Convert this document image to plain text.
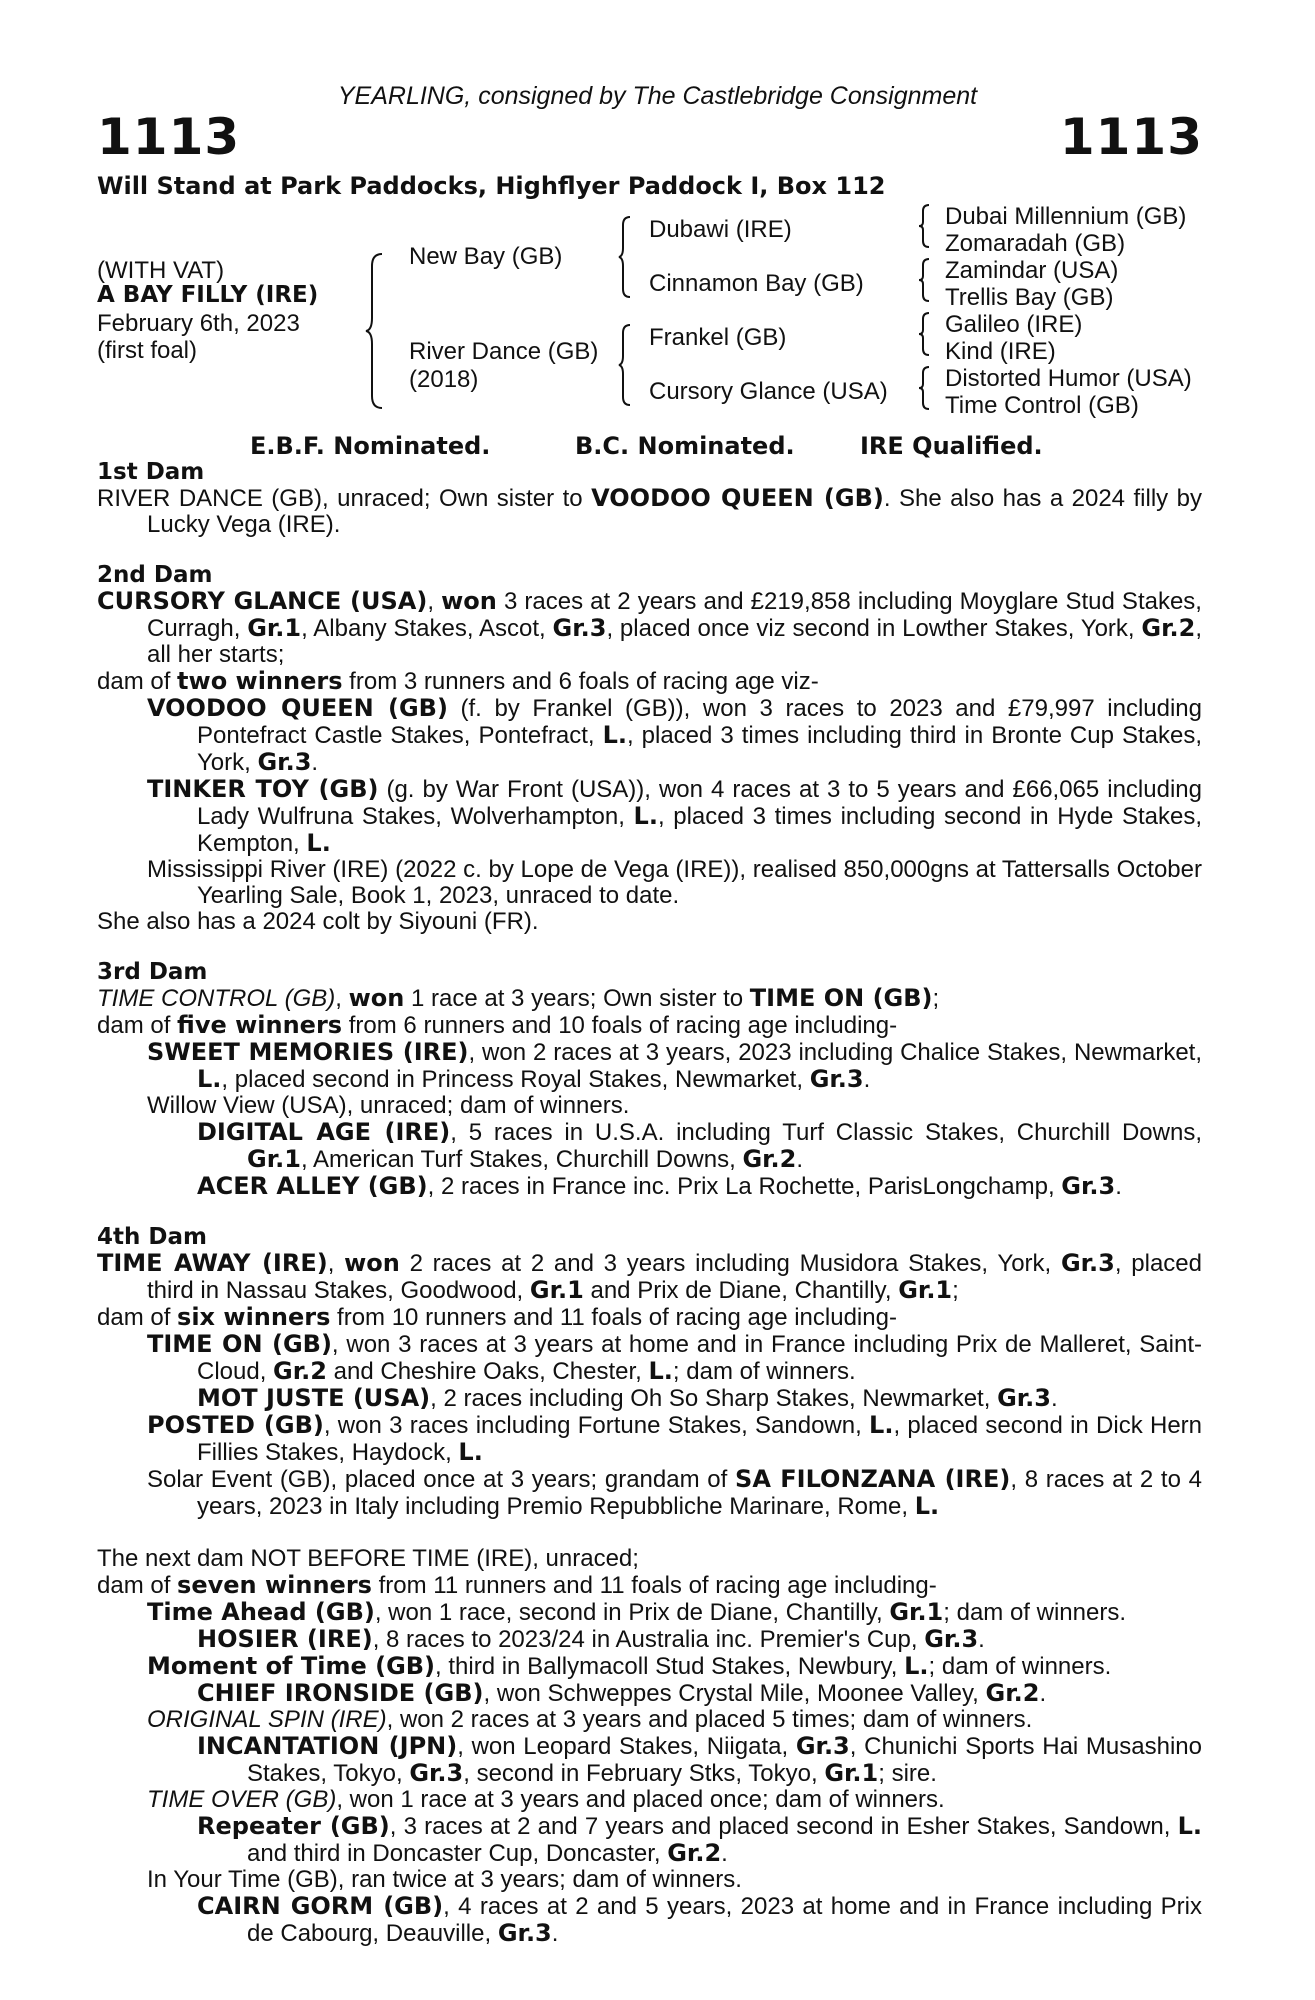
YEARLING, consigned by The Castlebridge Consignment
1113	1113
Will Stand at Park Paddocks, Highflyer Paddock I, Box 112
(WITH VAT)
A BAY FILLY (IRE)
February 6th, 2023
(first foal)
New Bay (GB)
River Dance (GB)
(2018)
Dubawi (IRE)
Cinnamon Bay (GB)
Frankel (GB)
Cursory Glance (USA)
Dubai Millennium (GB)
Zomaradah (GB)
Zamindar (USA)
Trellis Bay (GB)
Galileo (IRE)
Kind (IRE)
Distorted Humor (USA)
Time Control (GB)
E.B.F. Nominated.	B.C. Nominated.	IRE Qualified.

1st Dam

RIVER DANCE (GB), unraced; Own sister to VOODOO QUEEN (GB). She also has a 2024 filly by Lucky Vega (IRE).

2nd Dam

CURSORY GLANCE (USA), won 3 races at 2 years and £219,858 including Moyglare Stud Stakes, Curragh, Gr.1, Albany Stakes, Ascot, Gr.3, placed once viz second in Lowther Stakes, York, Gr.2, all her starts;

dam of two winners from 3 runners and 6 foals of racing age viz-

VOODOO QUEEN (GB) (f. by Frankel (GB)), won 3 races to 2023 and £79,997 including Pontefract Castle Stakes, Pontefract, L., placed 3 times including third in Bronte Cup Stakes, York, Gr.3.

TINKER TOY (GB) (g. by War Front (USA)), won 4 races at 3 to 5 years and £66,065 including Lady Wulfruna Stakes, Wolverhampton, L., placed 3 times including second in Hyde Stakes, Kempton, L.

Mississippi River (IRE) (2022 c. by Lope de Vega (IRE)), realised 850,000gns at Tattersalls October Yearling Sale, Book 1, 2023, unraced to date.

She also has a 2024 colt by Siyouni (FR).

3rd Dam

TIME CONTROL (GB), won 1 race at 3 years; Own sister to TIME ON (GB);

dam of five winners from 6 runners and 10 foals of racing age including-

SWEET MEMORIES (IRE), won 2 races at 3 years, 2023 including Chalice Stakes, Newmarket, L., placed second in Princess Royal Stakes, Newmarket, Gr.3.

Willow View (USA), unraced; dam of winners.

DIGITAL AGE (IRE), 5 races in U.S.A. including Turf Classic Stakes, Churchill Downs, Gr.1, American Turf Stakes, Churchill Downs, Gr.2.

ACER ALLEY (GB), 2 races in France inc. Prix La Rochette, ParisLongchamp, Gr.3.

4th Dam

TIME AWAY (IRE), won 2 races at 2 and 3 years including Musidora Stakes, York, Gr.3, placed third in Nassau Stakes, Goodwood, Gr.1 and Prix de Diane, Chantilly, Gr.1;

dam of six winners from 10 runners and 11 foals of racing age including-

TIME ON (GB), won 3 races at 3 years at home and in France including Prix de Malleret, Saint-Cloud, Gr.2 and Cheshire Oaks, Chester, L.; dam of winners.

MOT JUSTE (USA), 2 races including Oh So Sharp Stakes, Newmarket, Gr.3.

POSTED (GB), won 3 races including Fortune Stakes, Sandown, L., placed second in Dick Hern Fillies Stakes, Haydock, L.

Solar Event (GB), placed once at 3 years; grandam of SA FILONZANA (IRE), 8 races at 2 to 4 years, 2023 in Italy including Premio Repubbliche Marinare, Rome, L.

The next dam NOT BEFORE TIME (IRE), unraced;

dam of seven winners from 11 runners and 11 foals of racing age including-

Time Ahead (GB), won 1 race, second in Prix de Diane, Chantilly, Gr.1; dam of winners.

HOSIER (IRE), 8 races to 2023/24 in Australia inc. Premier's Cup, Gr.3.

Moment of Time (GB), third in Ballymacoll Stud Stakes, Newbury, L.; dam of winners.

CHIEF IRONSIDE (GB), won Schweppes Crystal Mile, Moonee Valley, Gr.2.

ORIGINAL SPIN (IRE), won 2 races at 3 years and placed 5 times; dam of winners.

INCANTATION (JPN), won Leopard Stakes, Niigata, Gr.3, Chunichi Sports Hai Musashino Stakes, Tokyo, Gr.3, second in February Stks, Tokyo, Gr.1; sire.

TIME OVER (GB), won 1 race at 3 years and placed once; dam of winners.

Repeater (GB), 3 races at 2 and 7 years and placed second in Esher Stakes, Sandown, L. and third in Doncaster Cup, Doncaster, Gr.2.

In Your Time (GB), ran twice at 3 years; dam of winners.

CAIRN GORM (GB), 4 races at 2 and 5 years, 2023 at home and in France including Prix de Cabourg, Deauville, Gr.3.
